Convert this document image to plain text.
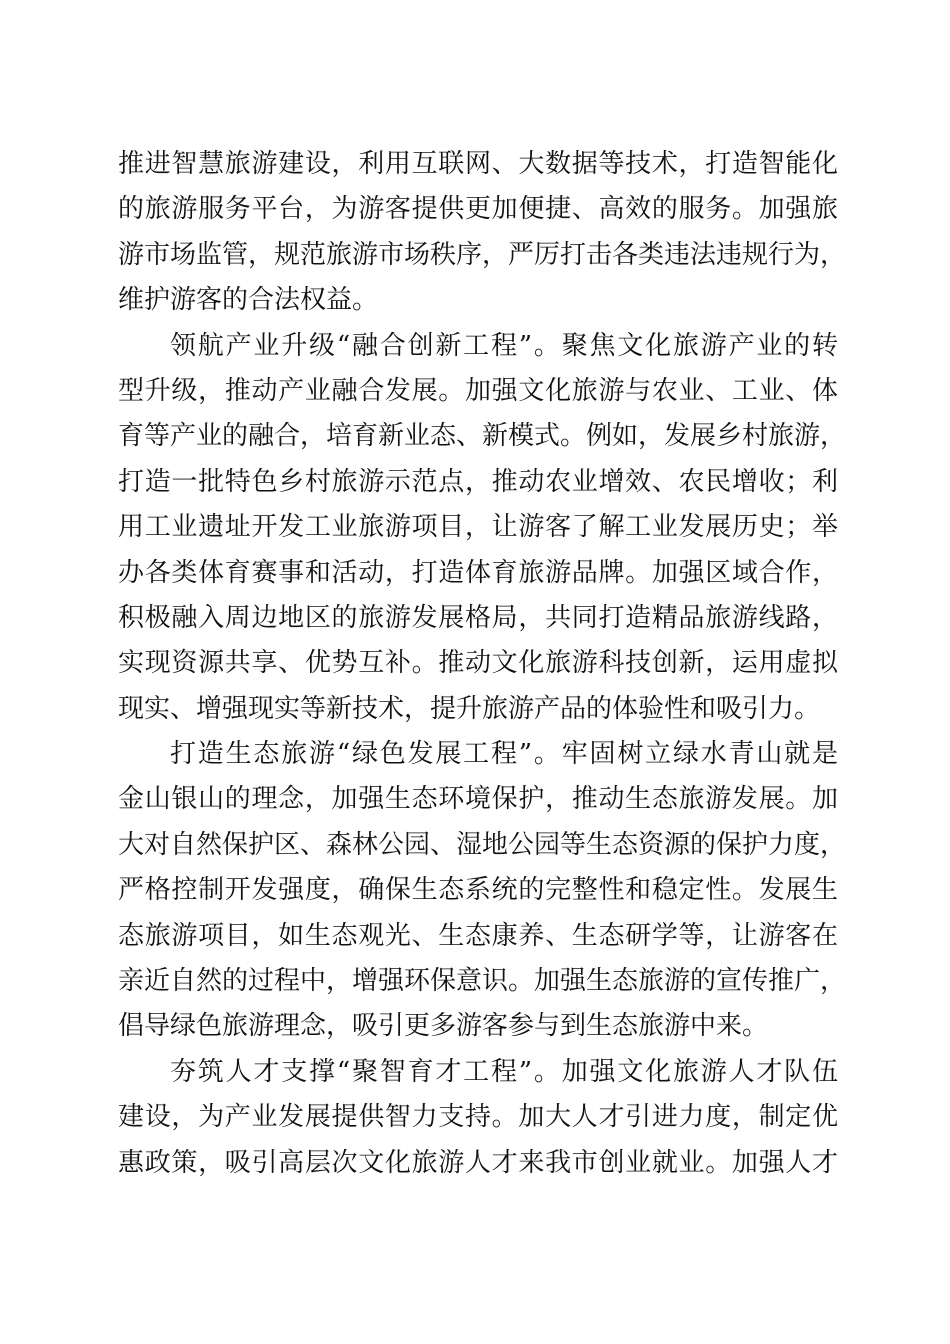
推进智慧旅游建设，利用互联网、大数据等技术，打造智能化
的旅游服务平台，为游客提供更加便捷、高效的服务。加强旅
游市场监管，规范旅游市场秩序，严厉打击各类违法违规行为，
维护游客的合法权益。
领航产业升级“融合创新工程”。聚焦文化旅游产业的转
型升级，推动产业融合发展。加强文化旅游与农业、工业、体
育等产业的融合，培育新业态、新模式。例如，发展乡村旅游，
打造一批特色乡村旅游示范点，推动农业增效、农民增收；利
用工业遗址开发工业旅游项目，让游客了解工业发展历史；举
办各类体育赛事和活动，打造体育旅游品牌。加强区域合作，
积极融入周边地区的旅游发展格局，共同打造精品旅游线路，
实现资源共享、优势互补。推动文化旅游科技创新，运用虚拟
现实、增强现实等新技术，提升旅游产品的体验性和吸引力。
打造生态旅游“绿色发展工程”。牢固树立绿水青山就是
金山银山的理念，加强生态环境保护，推动生态旅游发展。加
大对自然保护区、森林公园、湿地公园等生态资源的保护力度，
严格控制开发强度，确保生态系统的完整性和稳定性。发展生
态旅游项目，如生态观光、生态康养、生态研学等，让游客在
亲近自然的过程中，增强环保意识。加强生态旅游的宣传推广，
倡导绿色旅游理念，吸引更多游客参与到生态旅游中来。
夯筑人才支撑“聚智育才工程”。加强文化旅游人才队伍
建设，为产业发展提供智力支持。加大人才引进力度，制定优
惠政策，吸引高层次文化旅游人才来我市创业就业。加强人才
